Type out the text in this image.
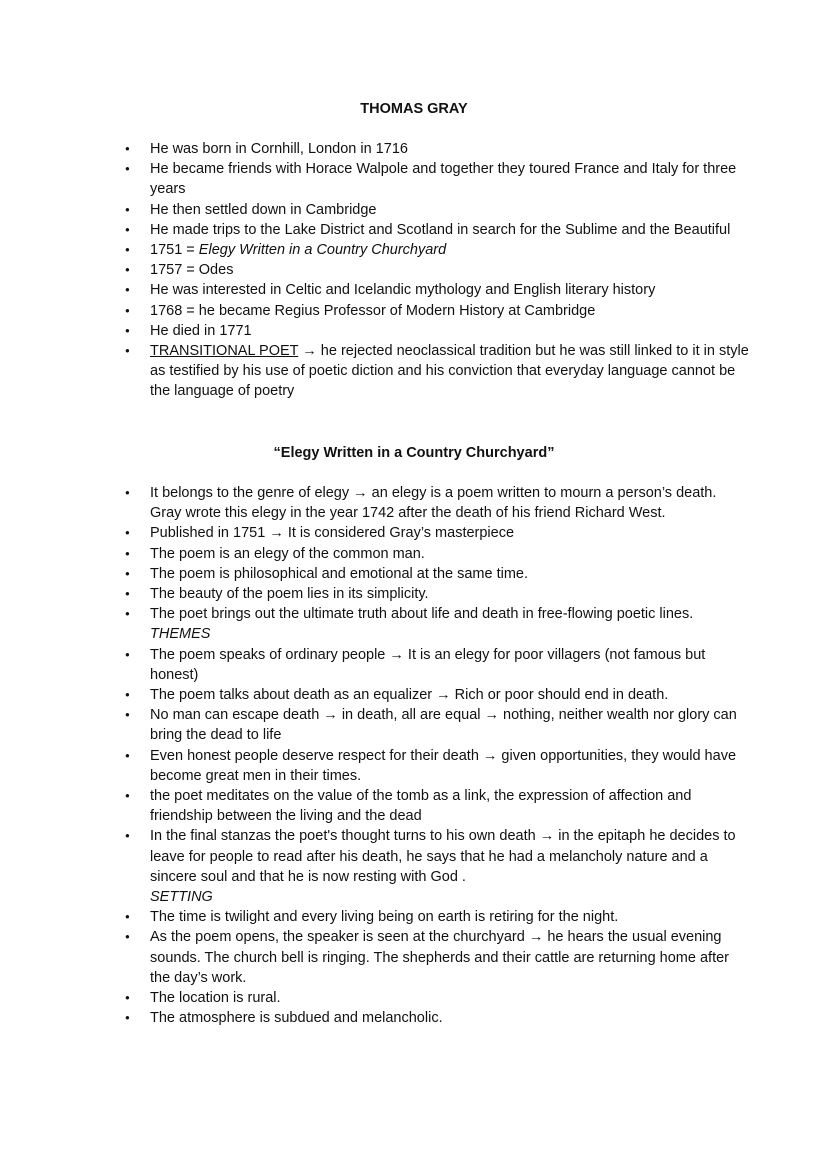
THOMAS GRAY
● He was born in Cornhill, London in 1716
● He became friends with Horace Walpole and together they toured France and Italy for three years
● He then settled down in Cambridge
● He made trips to the Lake District and Scotland in search for the Sublime and the Beautiful
● 1751 = Elegy Written in a Country Churchyard
● 1757 = Odes
● He was interested in Celtic and Icelandic mythology and English literary history
● 1768 = he became Regius Professor of Modern History at Cambridge
● He died in 1771
● TRANSITIONAL POET → he rejected neoclassical tradition but he was still linked to it in style as testified by his use of poetic diction and his conviction that everyday language cannot be the language of poetry
“Elegy Written in a Country Churchyard”
● It belongs to the genre of elegy → an elegy is a poem written to mourn a person’s death. Gray wrote this elegy in the year 1742 after the death of his friend Richard West.
● Published in 1751 → It is considered Gray’s masterpiece
● The poem is an elegy of the common man.
● The poem is philosophical and emotional at the same time.
● The beauty of the poem lies in its simplicity.
● The poet brings out the ultimate truth about life and death in free-flowing poetic lines.
THEMES
● The poem speaks of ordinary people → It is an elegy for poor villagers (not famous but honest)
● The poem talks about death as an equalizer → Rich or poor should end in death.
● No man can escape death → in death, all are equal → nothing, neither wealth nor glory can bring the dead to life
● Even honest people deserve respect for their death → given opportunities, they would have become great men in their times.
● the poet meditates on the value of the tomb as a link, the expression of affection and friendship between the living and the dead
● In the final stanzas the poet's thought turns to his own death → in the epitaph he decides to leave for people to read after his death, he says that he had a melancholy nature and a sincere soul and that he is now resting with God .
SETTING
● The time is twilight and every living being on earth is retiring for the night.
● As the poem opens, the speaker is seen at the churchyard → he hears the usual evening sounds. The church bell is ringing. The shepherds and their cattle are returning home after the day’s work.
● The location is rural.
● The atmosphere is subdued and melancholic.
